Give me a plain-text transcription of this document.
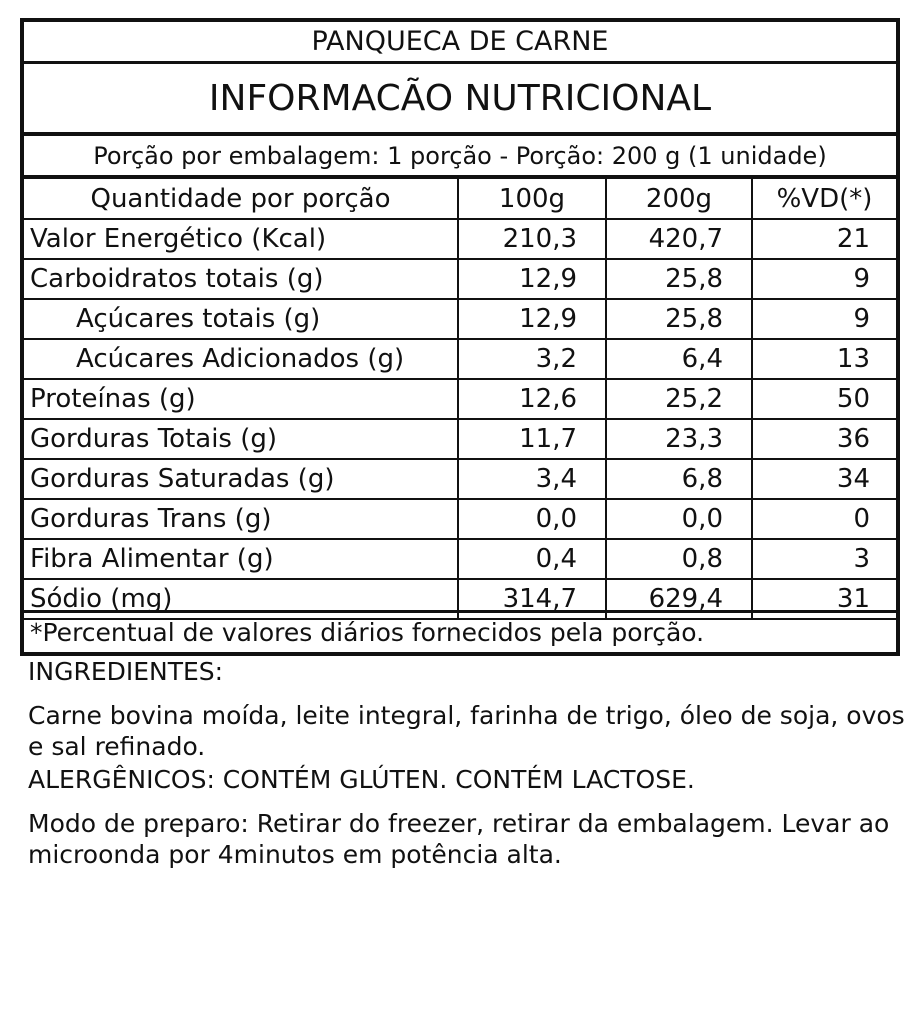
PANQUECA DE CARNE
INFORMACÃO NUTRICIONAL
Porção por embalagem: 1 porção - Porção: 200 g (1 unidade)
Quantidade por porção	100g	200g	%VD(*)
Valor Energético (Kcal)	210,3	420,7	21
Carboidratos totais (g)	12,9	25,8	9
Açúcares totais (g)	12,9	25,8	9
Acúcares Adicionados (g)	3,2	6,4	13
Proteínas (g)	12,6	25,2	50
Gorduras Totais (g)	11,7	23,3	36
Gorduras Saturadas (g)	3,4	6,8	34
Gorduras Trans (g)	0,0	0,0	0
Fibra Alimentar (g)	0,4	0,8	3
Sódio (mg)	314,7	629,4	31
*Percentual de valores diários fornecidos pela porção.
INGREDIENTES:
Carne bovina moída, leite integral, farinha de trigo, óleo de soja, ovos e sal refinado.
ALERGÊNICOS: CONTÉM GLÚTEN. CONTÉM LACTOSE.
Modo de preparo: Retirar do freezer, retirar da embalagem. Levar ao microonda por 4minutos em potência alta.
